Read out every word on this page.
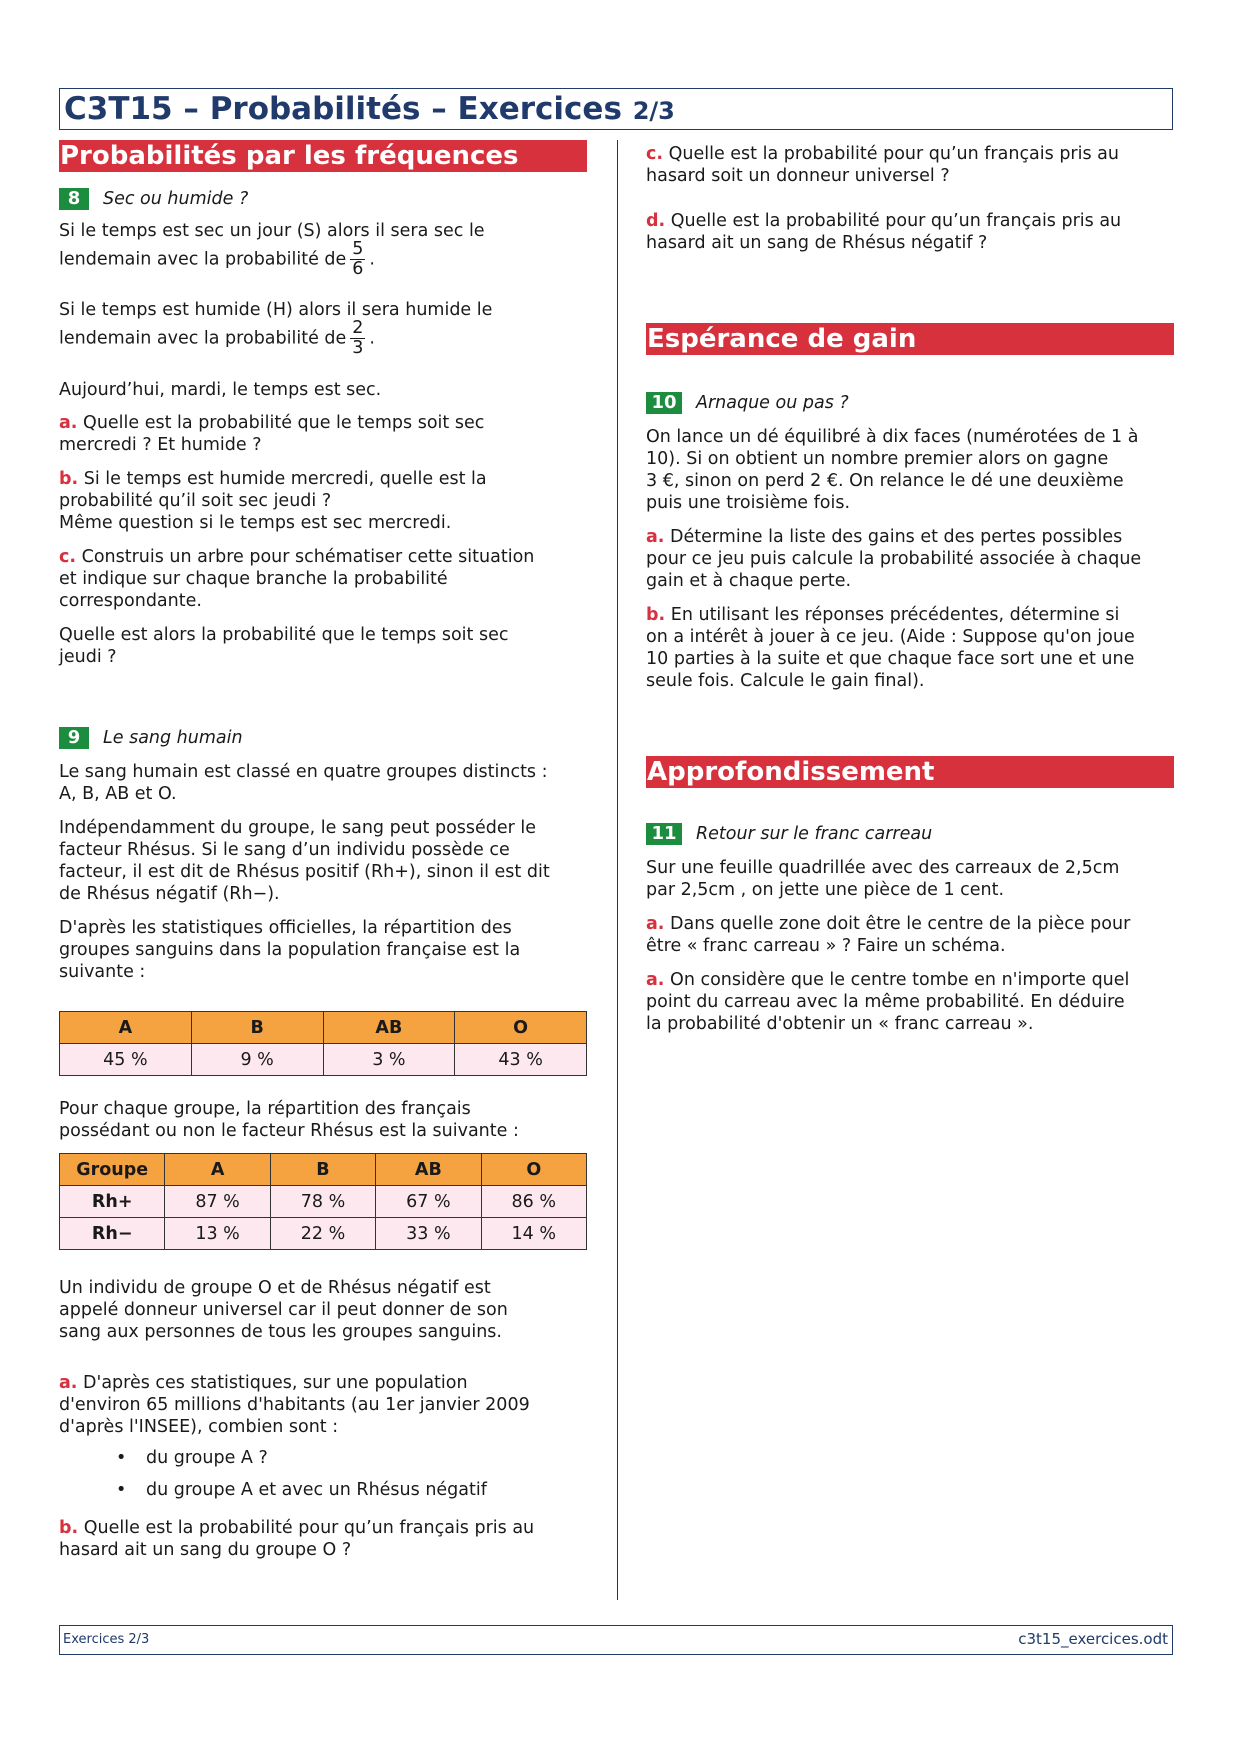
C3T15 – Probabilités – Exercices 2/3
Probabilités par les fréquences
8	Sec ou humide ?

Si le temps est sec un jour (S) alors il sera sec le

lendemain avec la probabilité de $\frac{5}{6}$ .

Si le temps est humide (H) alors il sera humide le

lendemain avec la probabilité de $\frac{2}{3}$ .

Aujourd’hui, mardi, le temps est sec.

a. Quelle est la probabilité que le temps soit sec

mercredi ? Et humide ?

b. Si le temps est humide mercredi, quelle est la

probabilité qu’il soit sec jeudi ?

Même question si le temps est sec mercredi.

c. Construis un arbre pour schématiser cette situation

et indique sur chaque branche la probabilité

correspondante.

Quelle est alors la probabilité que le temps soit sec

jeudi ?

9	Le sang humain

Le sang humain est classé en quatre groupes distincts :

A, B, AB et O.

Indépendamment du groupe, le sang peut posséder le

facteur Rhésus. Si le sang d’un individu possède ce

facteur, il est dit de Rhésus positif (Rh+), sinon il est dit

de Rhésus négatif (Rh−).

D'après les statistiques officielles, la répartition des

groupes sanguins dans la population française est la

suivante :

A	B	AB	O
45 %	9 %	3 %	43 %

Pour chaque groupe, la répartition des français

possédant ou non le facteur Rhésus est la suivante :

Groupe	A	B	AB	O
Rh+	87 %	78 %	67 %	86 %
Rh−	13 %	22 %	33 %	14 %

Un individu de groupe O et de Rhésus négatif est

appelé donneur universel car il peut donner de son

sang aux personnes de tous les groupes sanguins.

a. D'après ces statistiques, sur une population

d'environ 65 millions d'habitants (au 1er janvier 2009

d'après l'INSEE), combien sont :

• du groupe A ?
• du groupe A et avec un Rhésus négatif

b. Quelle est la probabilité pour qu’un français pris au

hasard ait un sang du groupe O ?

c. Quelle est la probabilité pour qu’un français pris au

hasard soit un donneur universel ?

d. Quelle est la probabilité pour qu’un français pris au

hasard ait un sang de Rhésus négatif ?

Espérance de gain
10	Arnaque ou pas ?

On lance un dé équilibré à dix faces (numérotées de 1 à

10). Si on obtient un nombre premier alors on gagne

3 €, sinon on perd 2 €. On relance le dé une deuxième

puis une troisième fois.

a. Détermine la liste des gains et des pertes possibles

pour ce jeu puis calcule la probabilité associée à chaque

gain et à chaque perte.

b. En utilisant les réponses précédentes, détermine si

on a intérêt à jouer à ce jeu. (Aide : Suppose qu'on joue

10 parties à la suite et que chaque face sort une et une

seule fois. Calcule le gain final).

Approfondissement
11	Retour sur le franc carreau

Sur une feuille quadrillée avec des carreaux de 2,5cm

par 2,5cm , on jette une pièce de 1 cent.

a. Dans quelle zone doit être le centre de la pièce pour

être « franc carreau » ? Faire un schéma.

a. On considère que le centre tombe en n'importe quel

point du carreau avec la même probabilité. En déduire

la probabilité d'obtenir un « franc carreau ».

Exercices 2/3	c3t15_exercices.odt
